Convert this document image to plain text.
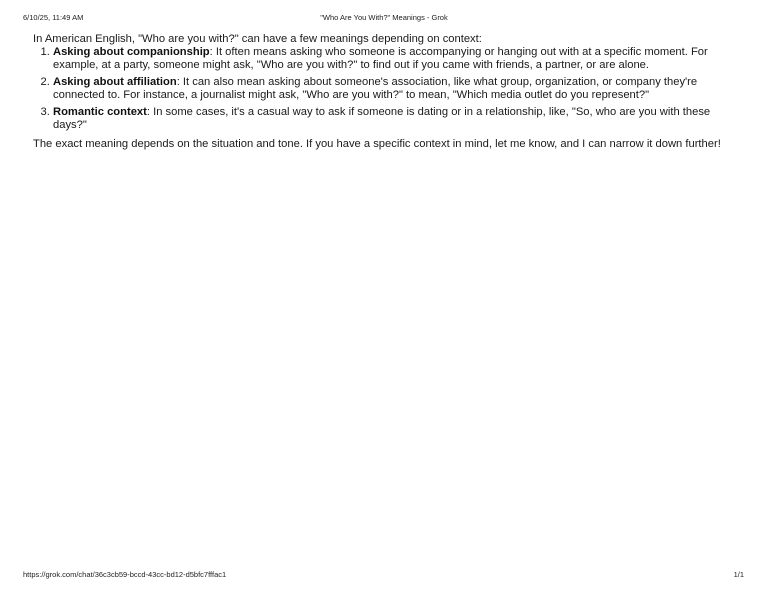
6/10/25, 11:49 AM	"Who Are You With?" Meanings - Grok

In American English, "Who are you with?" can have a few meanings depending on context:

1. Asking about companionship: It often means asking who someone is accompanying or hanging out with at a specific moment. For example, at a party, someone might ask, "Who are you with?" to find out if you came with friends, a partner, or are alone.
2. Asking about affiliation: It can also mean asking about someone's association, like what group, organization, or company they're connected to. For instance, a journalist might ask, "Who are you with?" to mean, "Which media outlet do you represent?"
3. Romantic context: In some cases, it's a casual way to ask if someone is dating or in a relationship, like, "So, who are you with these days?"

The exact meaning depends on the situation and tone. If you have a specific context in mind, let me know, and I can narrow it down further!

https://grok.com/chat/36c3cb59-bccd-43cc-bd12-d5bfc7fffac1	1/1
